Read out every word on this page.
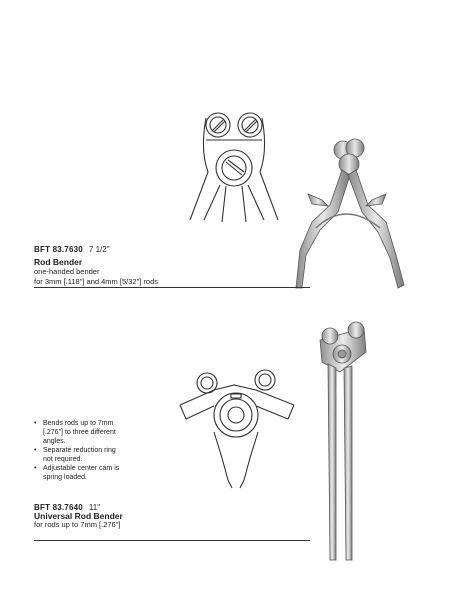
BFT 83.7630 7 1/2"
Rod Bender
one-handed bender
for 3mm [.118"] and 4mm [5/32"] rods
• Bends rods up to 7mm
[.276"] to three different
angles.
• Separate reduction ring
not required.
• Adjustable center cam is
spring loaded.
BFT 83.7640 11"
Universal Rod Bender
for rods up to 7mm [.276"]
